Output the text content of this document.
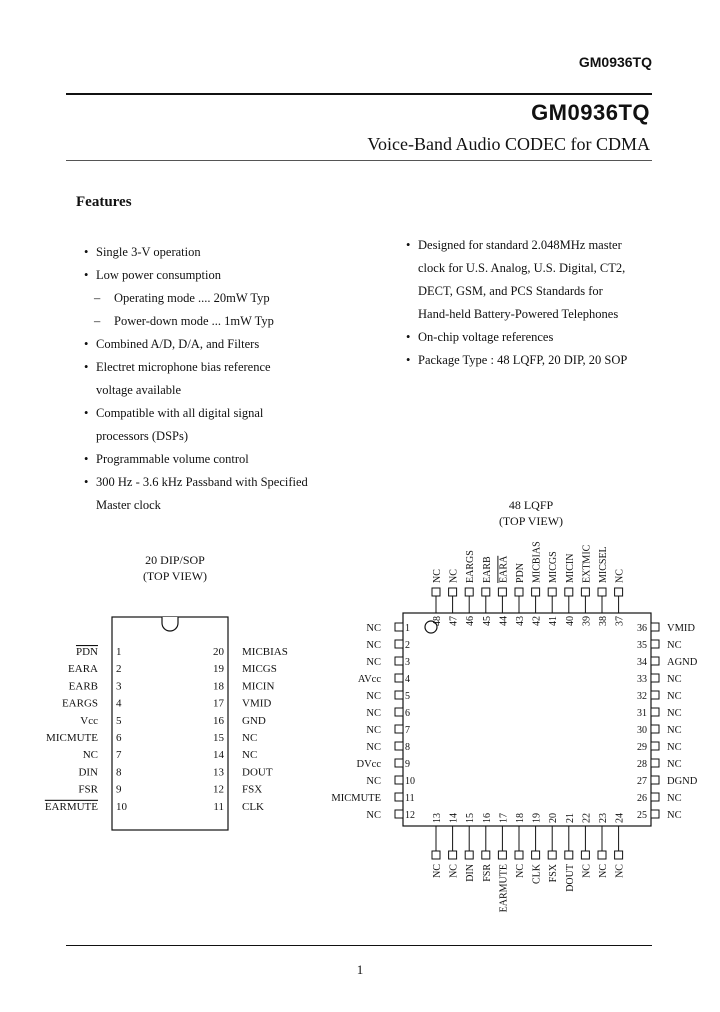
GM0936TQ
GM0936TQ
Voice-Band Audio CODEC for CDMA
Features
• Single 3-V operation
• Low power consumption
– Operating mode .... 20mW Typ
– Power-down mode ... 1mW Typ
• Combined A/D, D/A, and Filters
• Electret microphone bias reference
voltage available
• Compatible with all digital signal
processors (DSPs)
• Programmable volume control
• 300 Hz - 3.6 kHz Passband with Specified
Master clock
• Designed for standard 2.048MHz master
clock for U.S. Analog, U.S. Digital, CT2,
DECT, GSM, and PCS Standards for
Hand-held Battery-Powered Telephones
• On-chip voltage references
• Package Type : 48 LQFP, 20 DIP, 20 SOP
20 DIP/SOP
(TOP VIEW)
48 LQFP
(TOP VIEW)
1
PDN
2
EARA
3
EARB
4
EARGS
5
Vcc
6
MICMUTE
7
NC
8
DIN
9
FSR
10
EARMUTE
20 MICBIAS
19 MICGS
18 MICIN
17 VMID
16 GND
15 NC
14 NC
13 DOUT
12 FSX
11 CLK
48
NC
47
NC
46
EARGS
45
EARB
44
EARA
43
PDN
42
MICBIAS
41
MICGS
40
MICIN
39
EXTMIC
38
MICSEL
37
NC
13
NC
14
NC
15
DIN
16
FSR
17
EARMUTE
18
NC
19
CLK
20
FSX
21
DOUT
22
NC
23
NC
24
NC
1
NC
2
NC
3
NC
4
AVcc
5
NC
6
NC
7
NC
8
NC
9
DVcc
10
NC
11
MICMUTE
12
NC
36 VMID
35 NC
34 AGND
33 NC
32 NC
31 NC
30 NC
29 NC
28 NC
27 DGND
26 NC
25 NC
1
